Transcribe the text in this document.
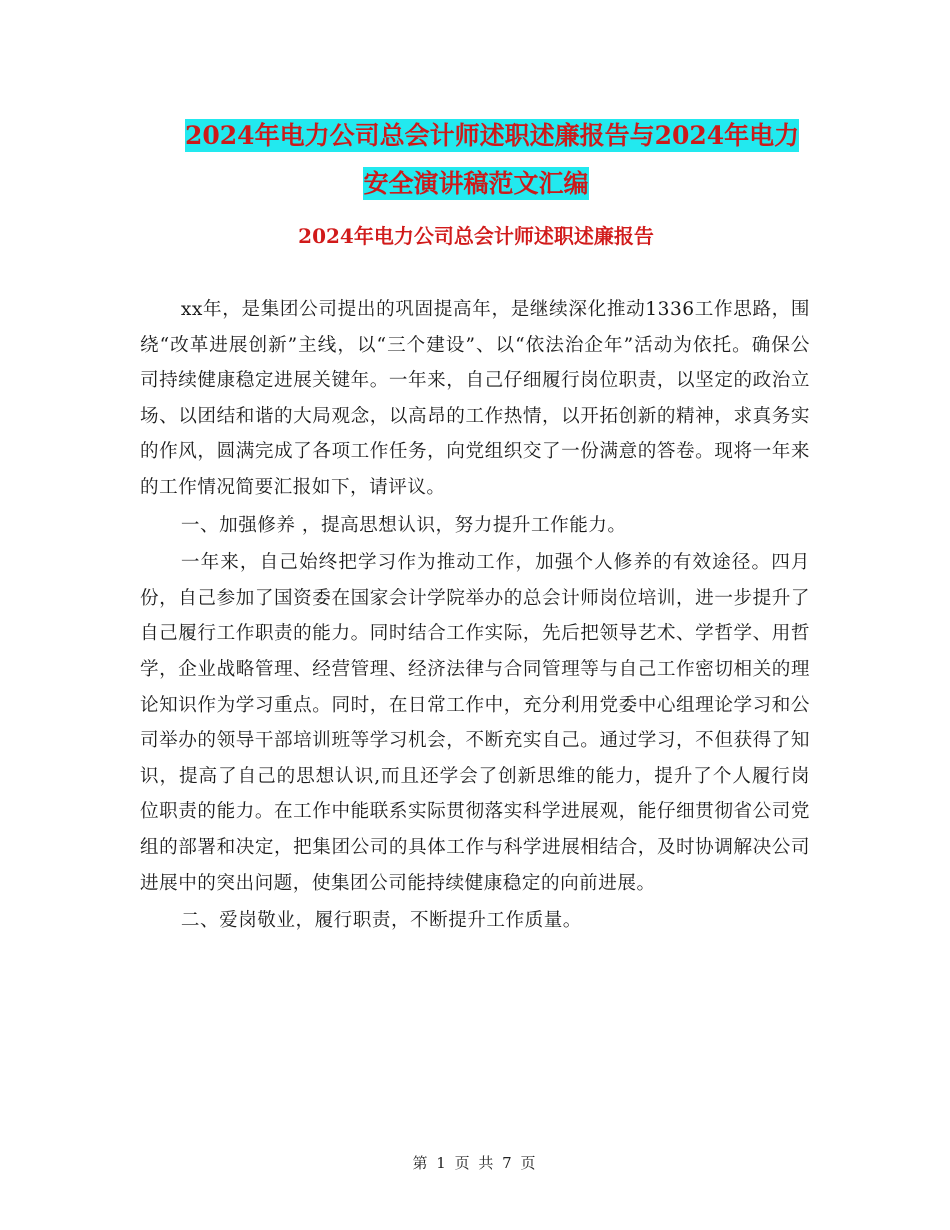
2024年电力公司总会计师述职述廉报告与2024年电力
安全演讲稿范文汇编
2024年电力公司总会计师述职述廉报告

xx年，是集团公司提出的巩固提高年，是继续深化推动1336工作思路，围绕“改革进展创新”主线，以“三个建设”、以“依法治企年”活动为依托。确保公司持续健康稳定进展关键年。一年来，自己仔细履行岗位职责，以坚定的政治立场、以团结和谐的大局观念，以高昂的工作热情，以开拓创新的精神，求真务实的作风，圆满完成了各项工作任务，向党组织交了一份满意的答卷。现将一年来的工作情况简要汇报如下，请评议。

一、加强修养 ，提高思想认识，努力提升工作能力。

一年来，自己始终把学习作为推动工作，加强个人修养的有效途径。四月份，自己参加了国资委在国家会计学院举办的总会计师岗位培训，进一步提升了自己履行工作职责的能力。同时结合工作实际，先后把领导艺术、学哲学、用哲学，企业战略管理、经营管理、经济法律与合同管理等与自己工作密切相关的理论知识作为学习重点。同时，在日常工作中，充分利用党委中心组理论学习和公司举办的领导干部培训班等学习机会，不断充实自己。通过学习，不但获得了知识，提高了自己的思想认识,而且还学会了创新思维的能力，提升了个人履行岗位职责的能力。在工作中能联系实际贯彻落实科学进展观，能仔细贯彻省公司党组的部署和决定，把集团公司的具体工作与科学进展相结合，及时协调解决公司进展中的突出问题，使集团公司能持续健康稳定的向前进展。

二、爱岗敬业，履行职责，不断提升工作质量。

第 1 页 共 7 页
